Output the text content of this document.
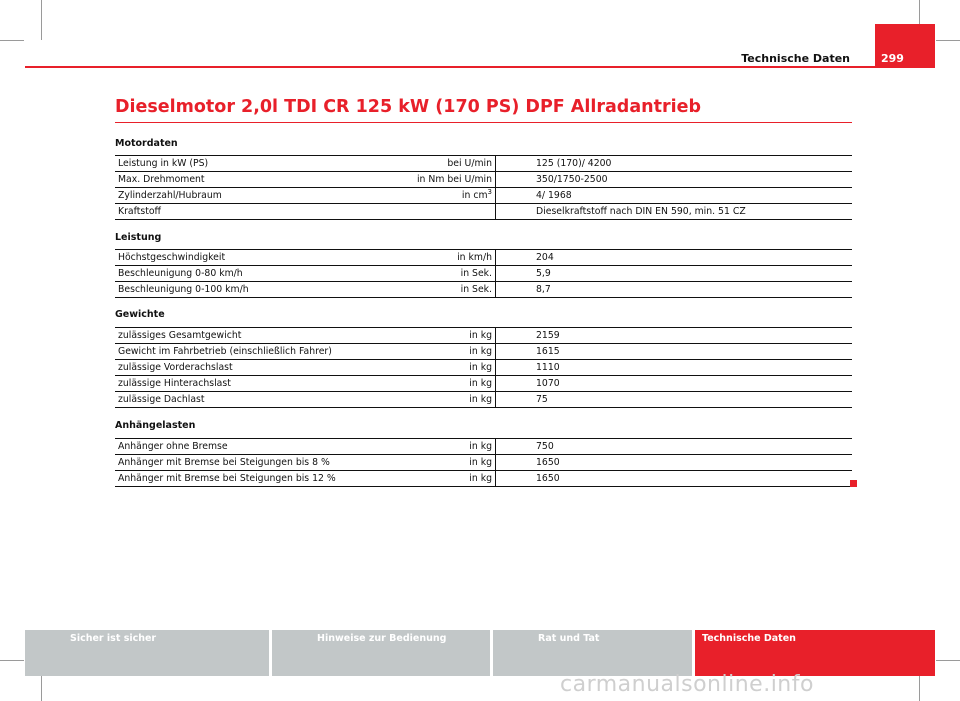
Technische Daten	299
Dieselmotor 2,0l TDI CR 125 kW (170 PS) DPF Allradantrieb
Motordaten
Leistung in kW (PS)	bei U/min	125 (170)/ 4200
Max. Drehmoment	in Nm bei U/min	350/1750-2500
Zylinderzahl/Hubraum	in $cm^3$	4/ 1968
Kraftstoff		Dieselkraftstoff nach DIN EN 590, min. 51 CZ
Leistung
Höchstgeschwindigkeit	in km/h	204
Beschleunigung 0-80 km/h	in Sek.	5,9
Beschleunigung 0-100 km/h	in Sek.	8,7
Gewichte
zulässiges Gesamtgewicht	in kg	2159
Gewicht im Fahrbetrieb (einschließlich Fahrer)	in kg	1615
zulässige Vorderachslast	in kg	1110
zulässige Hinterachslast	in kg	1070
zulässige Dachlast	in kg	75
Anhängelasten
Anhänger ohne Bremse	in kg	750
Anhänger mit Bremse bei Steigungen bis 8 %	in kg	1650
Anhänger mit Bremse bei Steigungen bis 12 %	in kg	1650
Sicher ist sicher	Hinweise zur Bedienung	Rat und Tat	Technische Daten
carmanualsonline.info
